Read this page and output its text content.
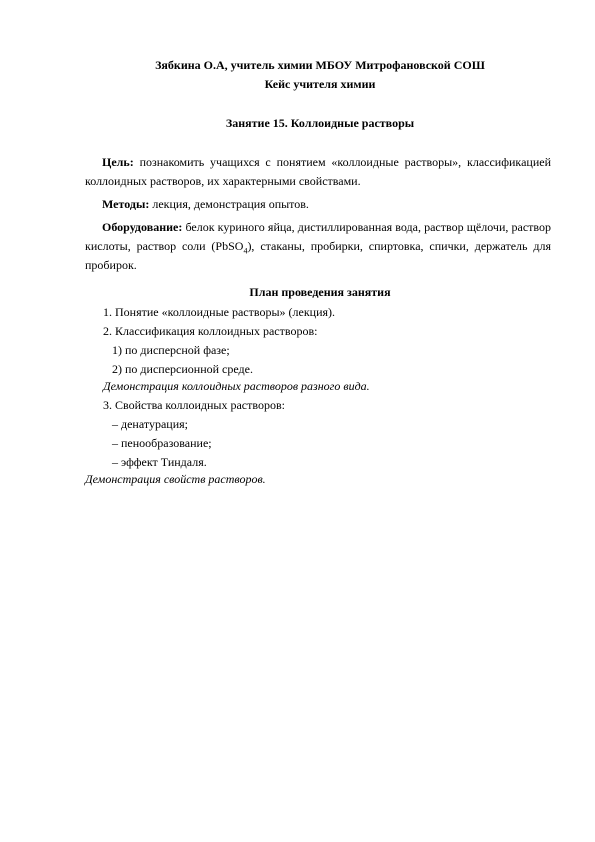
Зябкина О.А, учитель химии МБОУ Митрофановской СОШ

Кейс учителя химии

Занятие 15. Коллоидные растворы

Цель: познакомить учащихся с понятием «коллоидные растворы», классификацией коллоидных растворов, их характерными свойствами.

Методы: лекция, демонстрация опытов.

Оборудование: белок куриного яйца, дистиллированная вода, раствор щёлочи, раствор кислоты, раствор соли (PbSO$_4$), стаканы, пробирки, спиртовка, спички, держатель для пробирок.

План проведения занятия

1. Понятие «коллоидные растворы» (лекция).

2. Классификация коллоидных растворов:

1) по дисперсной фазе;

2) по дисперсионной среде.

Демонстрация коллоидных растворов разного вида.

3. Свойства коллоидных растворов:

– денатурация;

– пенообразование;

– эффект Тиндаля.

Демонстрация свойств растворов.
